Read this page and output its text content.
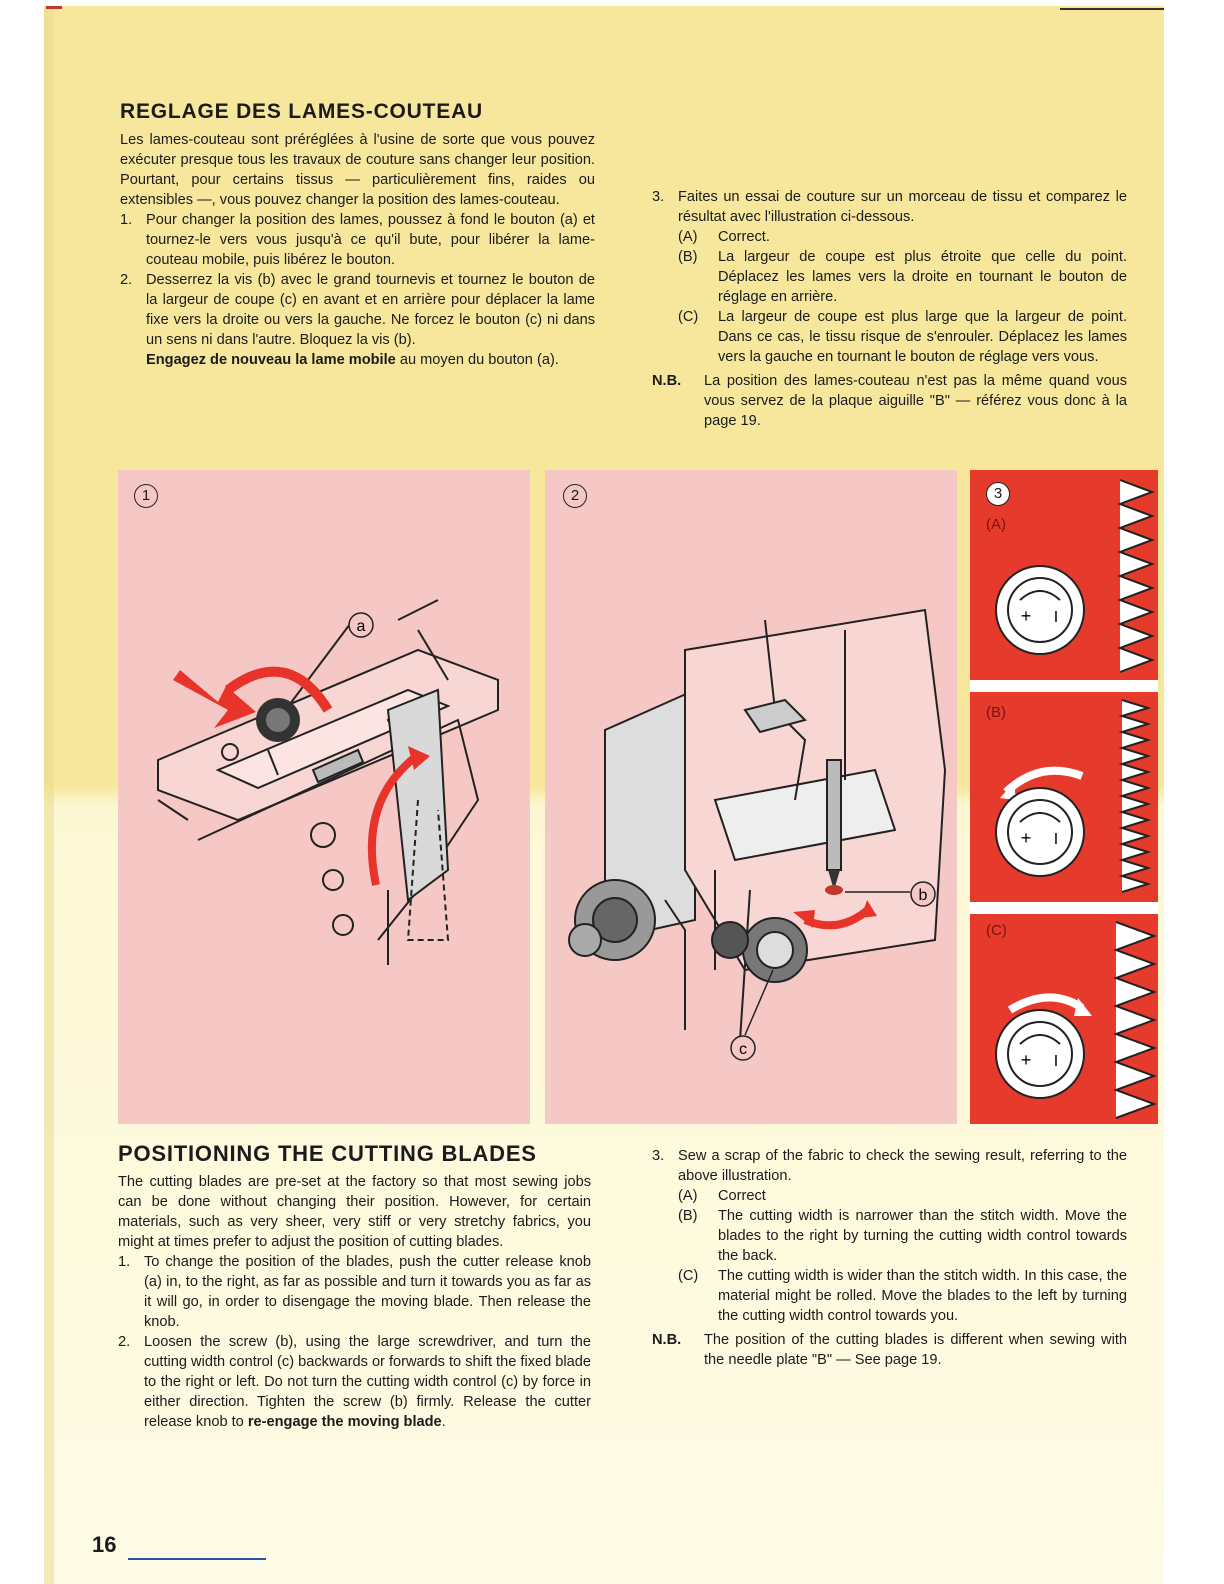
REGLAGE DES LAMES-COUTEAU

Les lames-couteau sont préréglées à l'usine de sorte que vous pouvez exécuter presque tous les travaux de couture sans changer leur position. Pourtant, pour certains tissus — particulièrement fins, raides ou extensibles —, vous pouvez changer la position des lames-couteau.

1. Pour changer la position des lames, poussez à fond le bouton (a) et tournez-le vers vous jusqu'à ce qu'il bute, pour libérer la lame-couteau mobile, puis libérez le bouton.
2. Desserrez la vis (b) avec le grand tournevis et tournez le bouton de la largeur de coupe (c) en avant et en arrière pour déplacer la lame fixe vers la droite ou vers la gauche. Ne forcez le bouton (c) ni dans un sens ni dans l'autre. Bloquez la vis (b).
Engagez de nouveau la lame mobile au moyen du bouton (a).
3. Faites un essai de couture sur un morceau de tissu et comparez le résultat avec l'illustration ci-dessous.
(A) Correct.
(B) La largeur de coupe est plus étroite que celle du point. Déplacez les lames vers la droite en tournant le bouton de réglage en arrière.
(C) La largeur de coupe est plus large que la largeur de point. Dans ce cas, le tissu risque de s'enrouler. Déplacez les lames vers la gauche en tournant le bouton de réglage vers vous.
N.B. La position des lames-couteau n'est pas la même quand vous vous servez de la plaque aiguille "B" — référez vous donc à la page 19.
1
a
2
b
c
3
(A)
(B)
(C)
+ I
+ I
+ I
POSITIONING THE CUTTING BLADES

The cutting blades are pre-set at the factory so that most sewing jobs can be done without changing their position. However, for certain materials, such as very sheer, very stiff or very stretchy fabrics, you might at times prefer to adjust the position of cutting blades.

1. To change the position of the blades, push the cutter release knob (a) in, to the right, as far as possible and turn it towards you as far as it will go, in order to disengage the moving blade. Then release the knob.
2. Loosen the screw (b), using the large screwdriver, and turn the cutting width control (c) backwards or forwards to shift the fixed blade to the right or left. Do not turn the cutting width control (c) by force in either direction. Tighten the screw (b) firmly. Release the cutter release knob to re-engage the moving blade.
3. Sew a scrap of the fabric to check the sewing result, referring to the above illustration.
(A) Correct
(B) The cutting width is narrower than the stitch width. Move the blades to the right by turning the cutting width control towards the back.
(C) The cutting width is wider than the stitch width. In this case, the material might be rolled. Move the blades to the left by turning the cutting width control towards you.
N.B. The position of the cutting blades is different when sewing with the needle plate "B" — See page 19.
16
